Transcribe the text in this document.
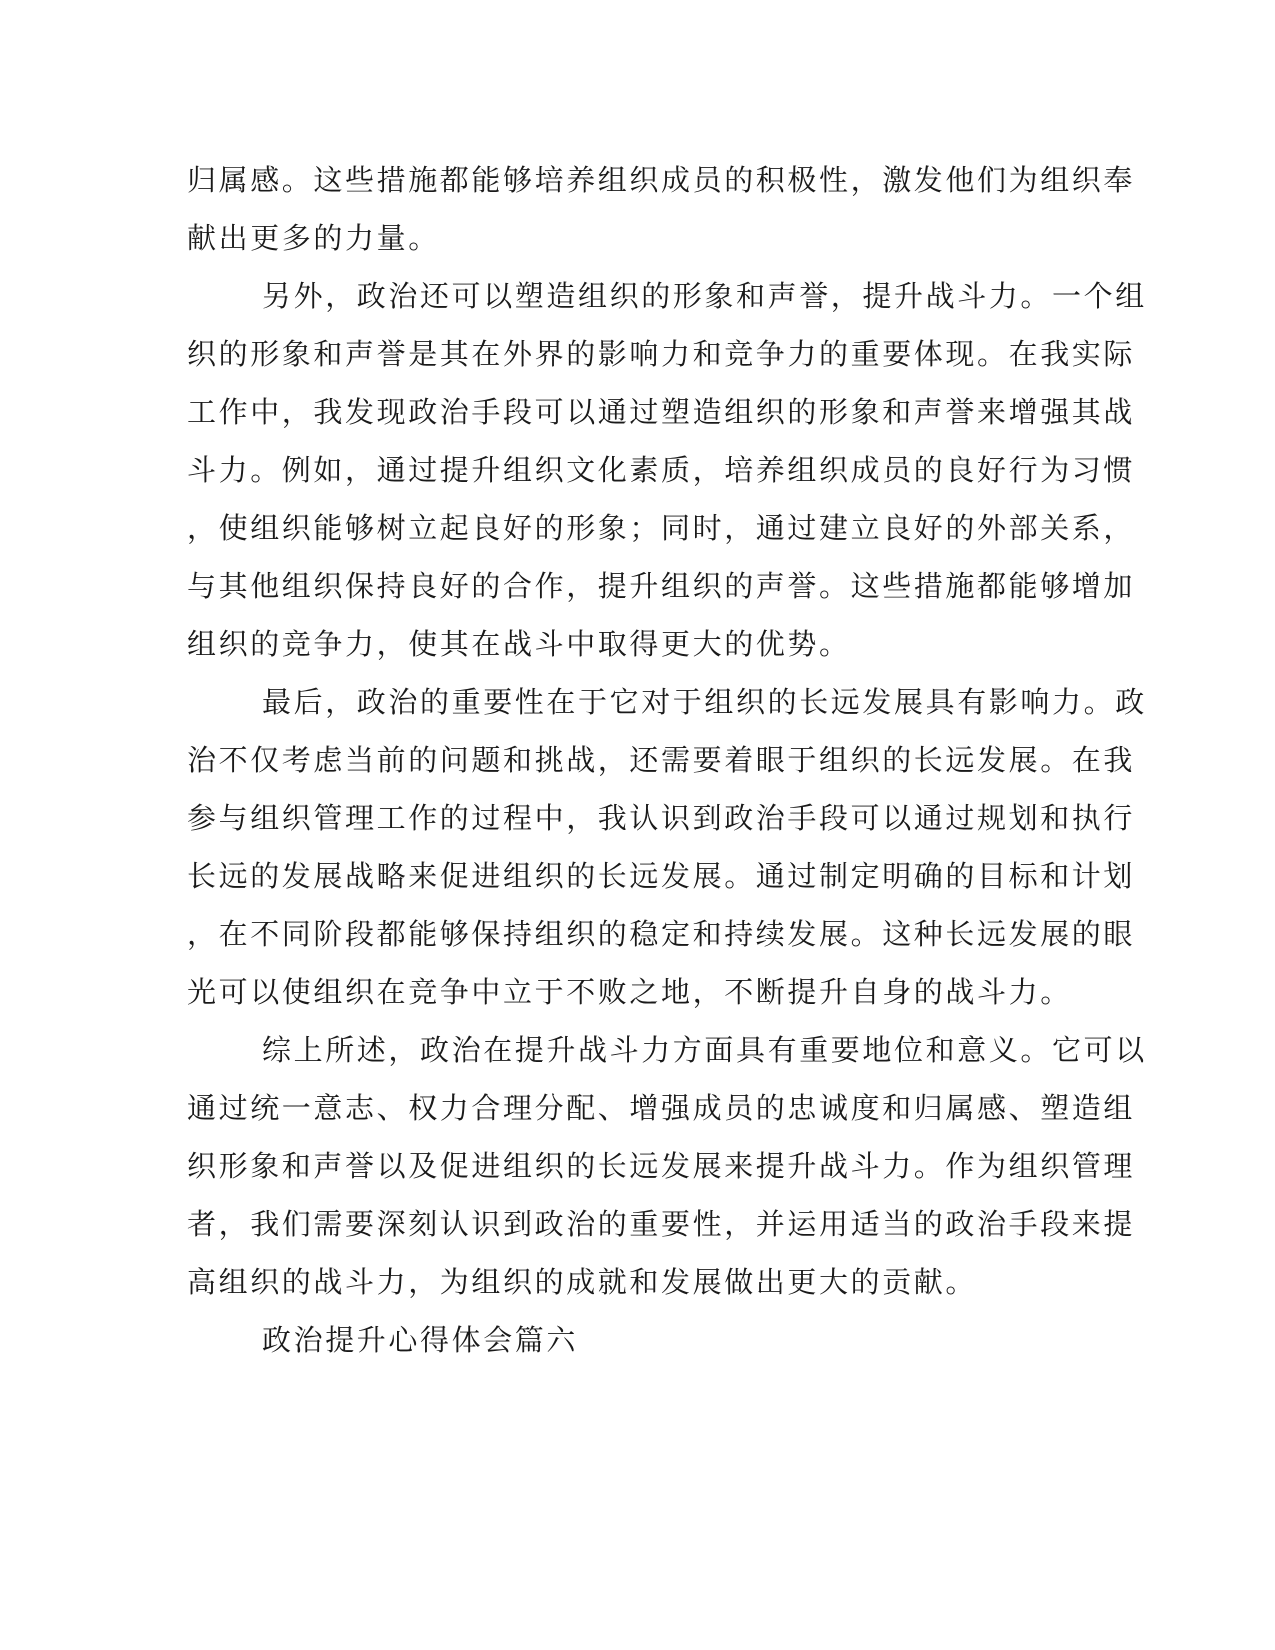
归属感。这些措施都能够培养组织成员的积极性，激发他们为组织奉
献出更多的力量。
另外，政治还可以塑造组织的形象和声誉，提升战斗力。一个组
织的形象和声誉是其在外界的影响力和竞争力的重要体现。在我实际
工作中，我发现政治手段可以通过塑造组织的形象和声誉来增强其战
斗力。例如，通过提升组织文化素质，培养组织成员的良好行为习惯
，使组织能够树立起良好的形象；同时，通过建立良好的外部关系，
与其他组织保持良好的合作，提升组织的声誉。这些措施都能够增加
组织的竞争力，使其在战斗中取得更大的优势。
最后，政治的重要性在于它对于组织的长远发展具有影响力。政
治不仅考虑当前的问题和挑战，还需要着眼于组织的长远发展。在我
参与组织管理工作的过程中，我认识到政治手段可以通过规划和执行
长远的发展战略来促进组织的长远发展。通过制定明确的目标和计划
，在不同阶段都能够保持组织的稳定和持续发展。这种长远发展的眼
光可以使组织在竞争中立于不败之地，不断提升自身的战斗力。
综上所述，政治在提升战斗力方面具有重要地位和意义。它可以
通过统一意志、权力合理分配、增强成员的忠诚度和归属感、塑造组
织形象和声誉以及促进组织的长远发展来提升战斗力。作为组织管理
者，我们需要深刻认识到政治的重要性，并运用适当的政治手段来提
高组织的战斗力，为组织的成就和发展做出更大的贡献。
政治提升心得体会篇六
